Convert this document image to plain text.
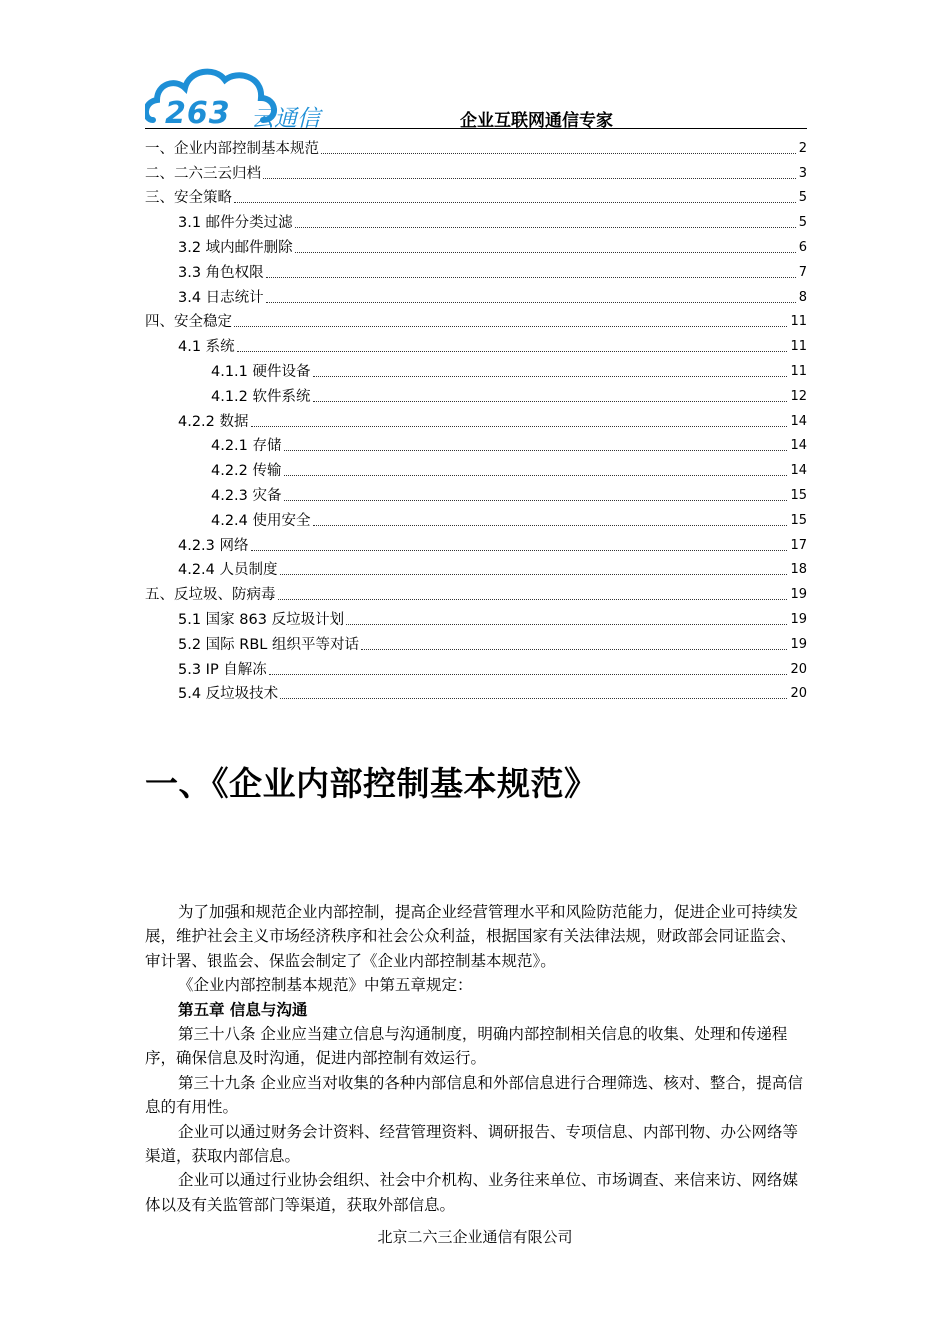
263 云通信	企业互联网通信专家
一、企业内部控制基本规范	2
二、二六三云归档	3
三、安全策略	5
3.1 邮件分类过滤	5
3.2 域内邮件删除	6
3.3 角色权限	7
3.4 日志统计	8
四、安全稳定	11
4.1 系统	11
4.1.1 硬件设备	11
4.1.2 软件系统	12
4.2.2 数据	14
4.2.1 存储	14
4.2.2 传输	14
4.2.3 灾备	15
4.2.4 使用安全	15
4.2.3 网络	17
4.2.4 人员制度	18
五、反垃圾、防病毒	19
5.1 国家 863 反垃圾计划	19
5.2 国际 RBL 组织平等对话	19
5.3 IP 自解冻	20
5.4 反垃圾技术	20
一、《企业内部控制基本规范》

为了加强和规范企业内部控制，提高企业经营管理水平和风险防范能力，促进企业可持续发展，维护社会主义市场经济秩序和社会公众利益，根据国家有关法律法规，财政部会同证监会、审计署、银监会、保监会制定了《企业内部控制基本规范》。

《企业内部控制基本规范》中第五章规定：

第五章 信息与沟通

第三十八条 企业应当建立信息与沟通制度，明确内部控制相关信息的收集、处理和传递程序，确保信息及时沟通，促进内部控制有效运行。

第三十九条 企业应当对收集的各种内部信息和外部信息进行合理筛选、核对、整合，提高信息的有用性。

企业可以通过财务会计资料、经营管理资料、调研报告、专项信息、内部刊物、办公网络等渠道，获取内部信息。

企业可以通过行业协会组织、社会中介机构、业务往来单位、市场调查、来信来访、网络媒体以及有关监管部门等渠道，获取外部信息。

北京二六三企业通信有限公司
